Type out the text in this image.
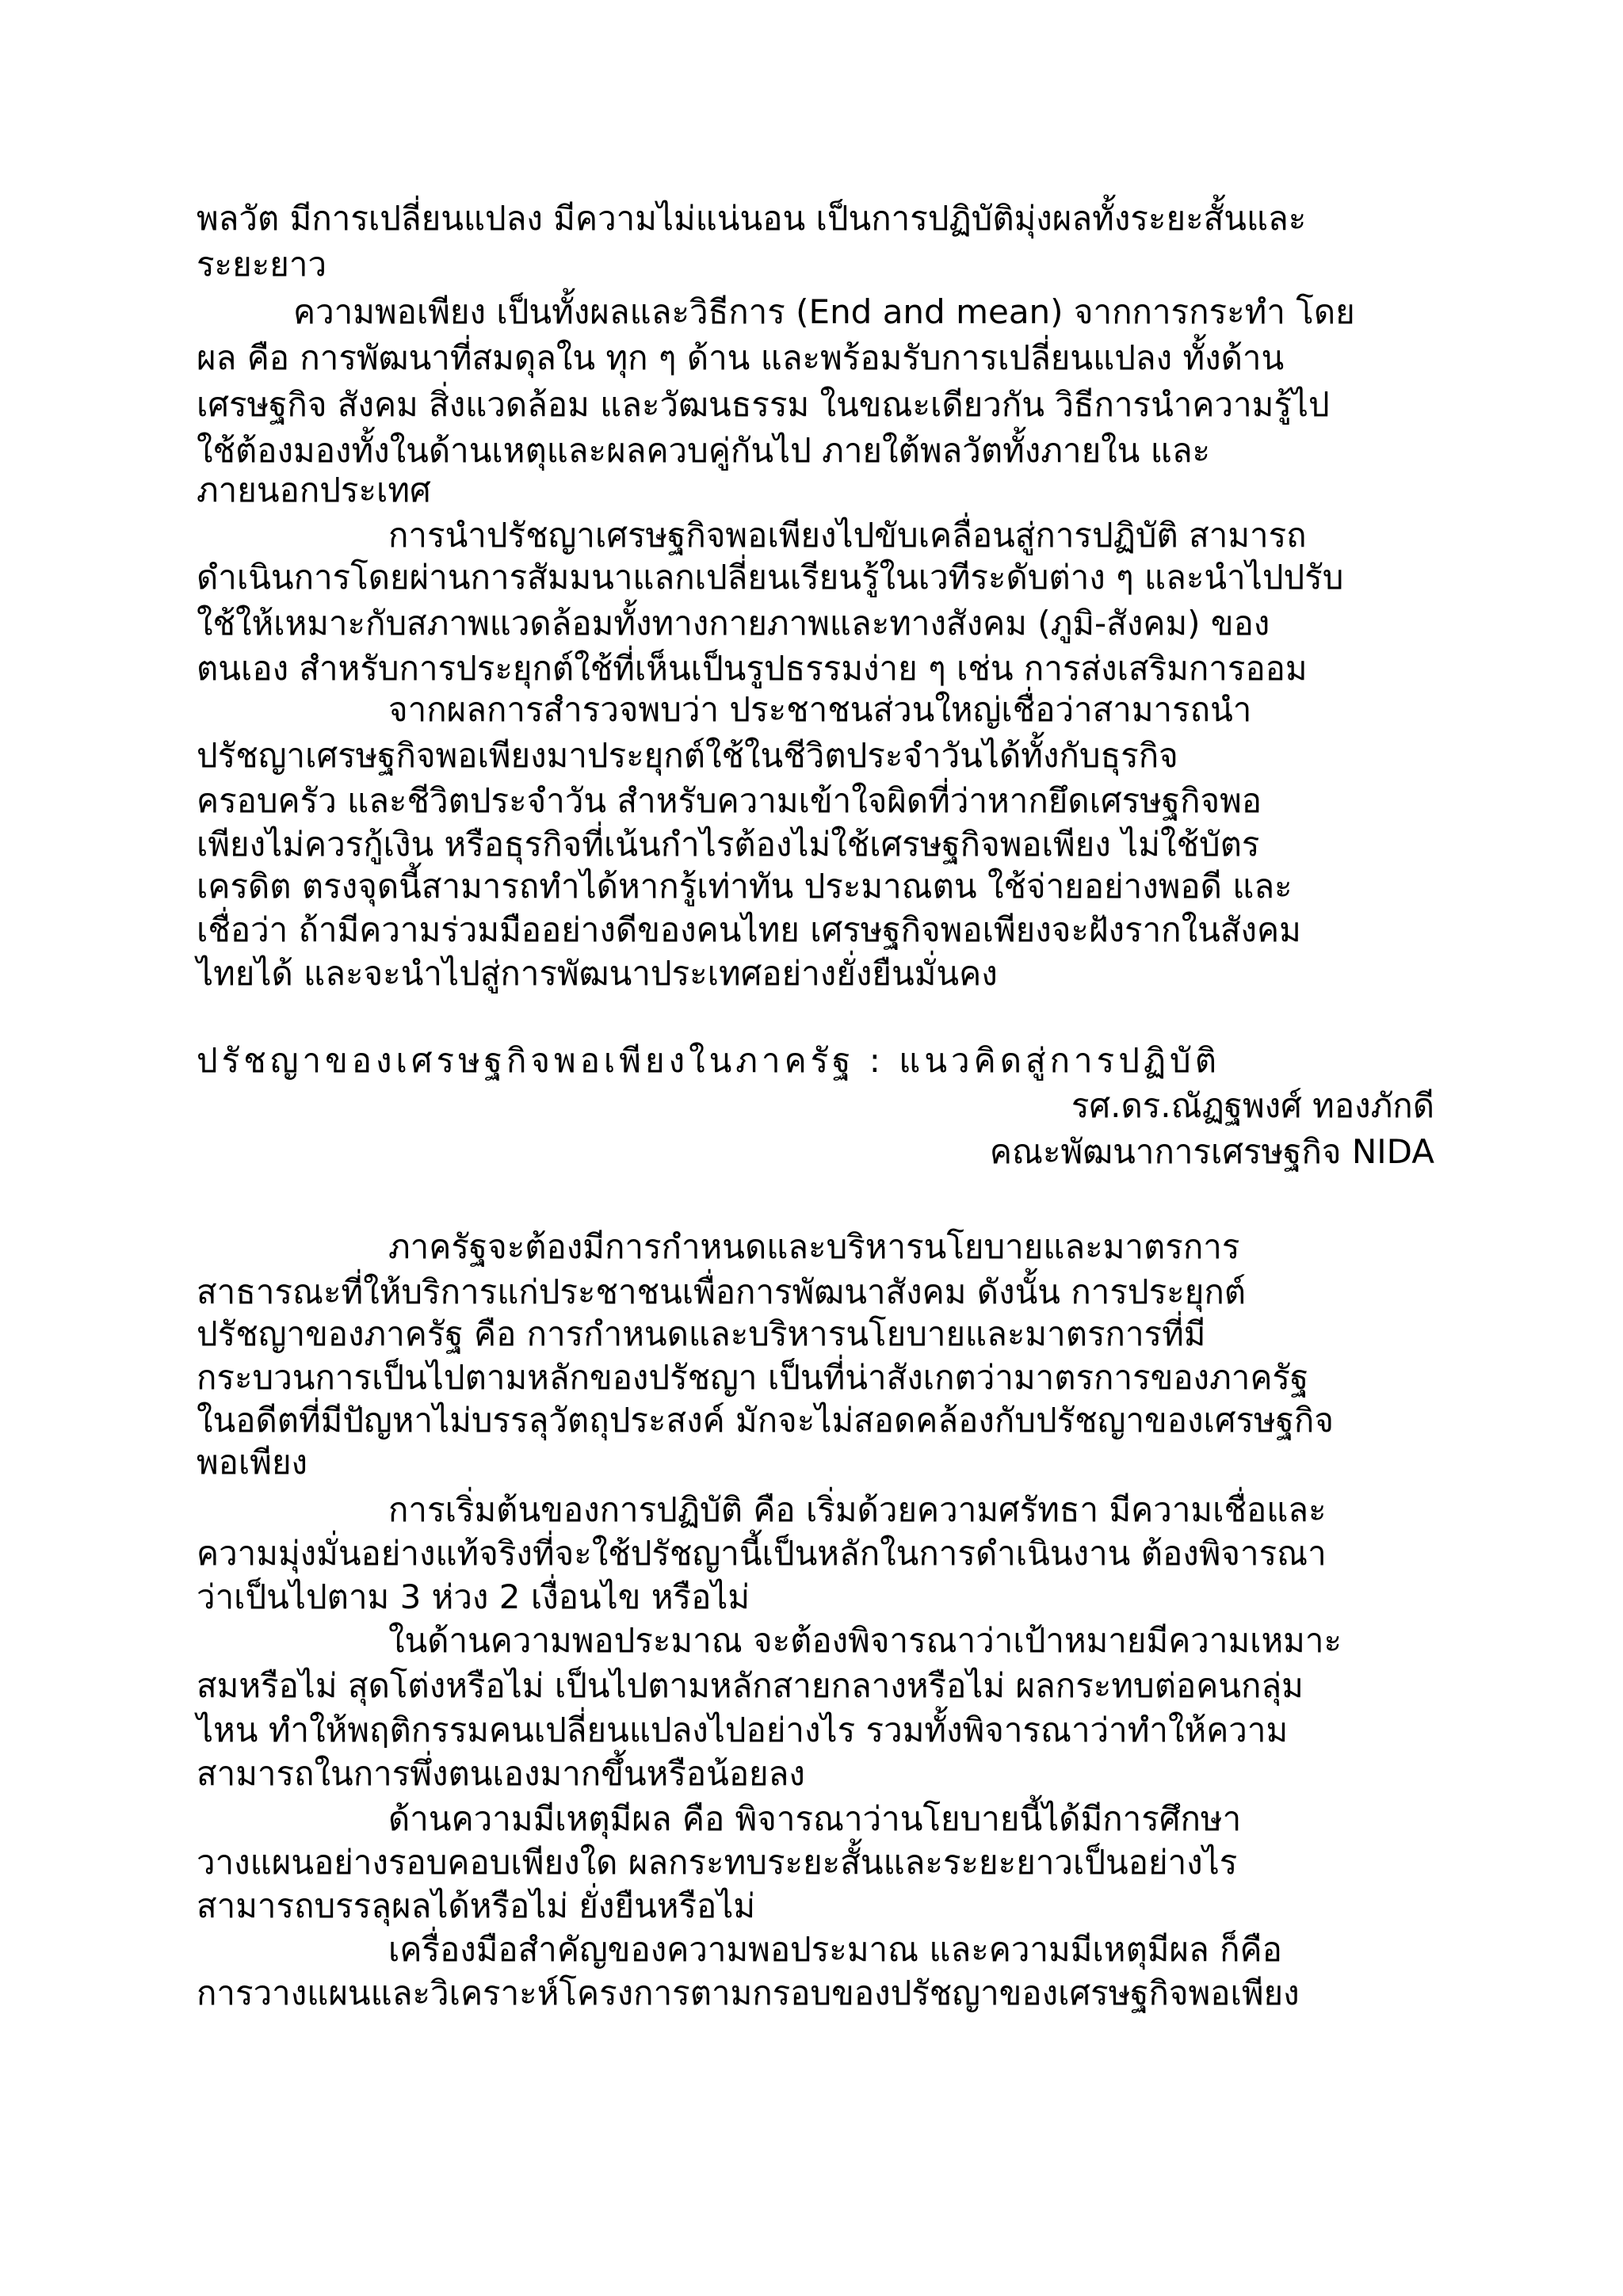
พลวัต มีการเปลี่ยนแปลง มีความไม่แน่นอน เป็นการปฏิบัติมุ่งผลทั้งระยะสั้นและ
ระยะยาว
ความพอเพียง เป็นทั้งผลและวิธีการ (End and mean) จากการกระทำ โดย
ผล คือ การพัฒนาที่สมดุลใน ทุก ๆ ด้าน และพร้อมรับการเปลี่ยนแปลง ทั้งด้าน
เศรษฐกิจ สังคม สิ่งแวดล้อม และวัฒนธรรม ในขณะเดียวกัน วิธีการนำความรู้ไป
ใช้ต้องมองทั้งในด้านเหตุและผลควบคู่กันไป ภายใต้พลวัตทั้งภายใน และ
ภายนอกประเทศ
การนำปรัชญาเศรษฐกิจพอเพียงไปขับเคลื่อนสู่การปฏิบัติ สามารถ
ดำเนินการโดยผ่านการสัมมนาแลกเปลี่ยนเรียนรู้ในเวทีระดับต่าง ๆ และนำไปปรับ
ใช้ให้เหมาะกับสภาพแวดล้อมทั้งทางกายภาพและทางสังคม (ภูมิ-สังคม) ของ
ตนเอง สำหรับการประยุกต์ใช้ที่เห็นเป็นรูปธรรมง่าย ๆ เช่น การส่งเสริมการออม
จากผลการสำรวจพบว่า ประชาชนส่วนใหญ่เชื่อว่าสามารถนำ
ปรัชญาเศรษฐกิจพอเพียงมาประยุกต์ใช้ในชีวิตประจำวันได้ทั้งกับธุรกิจ
ครอบครัว และชีวิตประจำวัน สำหรับความเข้าใจผิดที่ว่าหากยึดเศรษฐกิจพอ
เพียงไม่ควรกู้เงิน หรือธุรกิจที่เน้นกำไรต้องไม่ใช้เศรษฐกิจพอเพียง ไม่ใช้บัตร
เครดิต ตรงจุดนี้สามารถทำได้หากรู้เท่าทัน ประมาณตน ใช้จ่ายอย่างพอดี และ
เชื่อว่า ถ้ามีความร่วมมืออย่างดีของคนไทย เศรษฐกิจพอเพียงจะฝังรากในสังคม
ไทยได้ และจะนำไปสู่การพัฒนาประเทศอย่างยั่งยืนมั่นคง
ปรัชญาของเศรษฐกิจพอเพียงในภาครัฐ : แนวคิดสู่การปฏิบัติ
รศ.ดร.ณัฏฐพงศ์ ทองภักดี
คณะพัฒนาการเศรษฐกิจ NIDA
ภาครัฐจะต้องมีการกำหนดและบริหารนโยบายและมาตรการ
สาธารณะที่ให้บริการแก่ประชาชนเพื่อการพัฒนาสังคม ดังนั้น การประยุกต์
ปรัชญาของภาครัฐ คือ การกำหนดและบริหารนโยบายและมาตรการที่มี
กระบวนการเป็นไปตามหลักของปรัชญา เป็นที่น่าสังเกตว่ามาตรการของภาครัฐ
ในอดีตที่มีปัญหาไม่บรรลุวัตถุประสงค์ มักจะไม่สอดคล้องกับปรัชญาของเศรษฐกิจ
พอเพียง
การเริ่มต้นของการปฏิบัติ คือ เริ่มด้วยความศรัทธา มีความเชื่อและ
ความมุ่งมั่นอย่างแท้จริงที่จะใช้ปรัชญานี้เป็นหลักในการดำเนินงาน ต้องพิจารณา
ว่าเป็นไปตาม 3 ห่วง 2 เงื่อนไข หรือไม่
ในด้านความพอประมาณ จะต้องพิจารณาว่าเป้าหมายมีความเหมาะ
สมหรือไม่ สุดโต่งหรือไม่ เป็นไปตามหลักสายกลางหรือไม่ ผลกระทบต่อคนกลุ่ม
ไหน ทำให้พฤติกรรมคนเปลี่ยนแปลงไปอย่างไร รวมทั้งพิจารณาว่าทำให้ความ
สามารถในการพึ่งตนเองมากขึ้นหรือน้อยลง
ด้านความมีเหตุมีผล คือ พิจารณาว่านโยบายนี้ได้มีการศึกษา
วางแผนอย่างรอบคอบเพียงใด ผลกระทบระยะสั้นและระยะยาวเป็นอย่างไร
สามารถบรรลุผลได้หรือไม่ ยั่งยืนหรือไม่
เครื่องมือสำคัญของความพอประมาณ และความมีเหตุมีผล ก็คือ
การวางแผนและวิเคราะห์โครงการตามกรอบของปรัชญาของเศรษฐกิจพอเพียง
